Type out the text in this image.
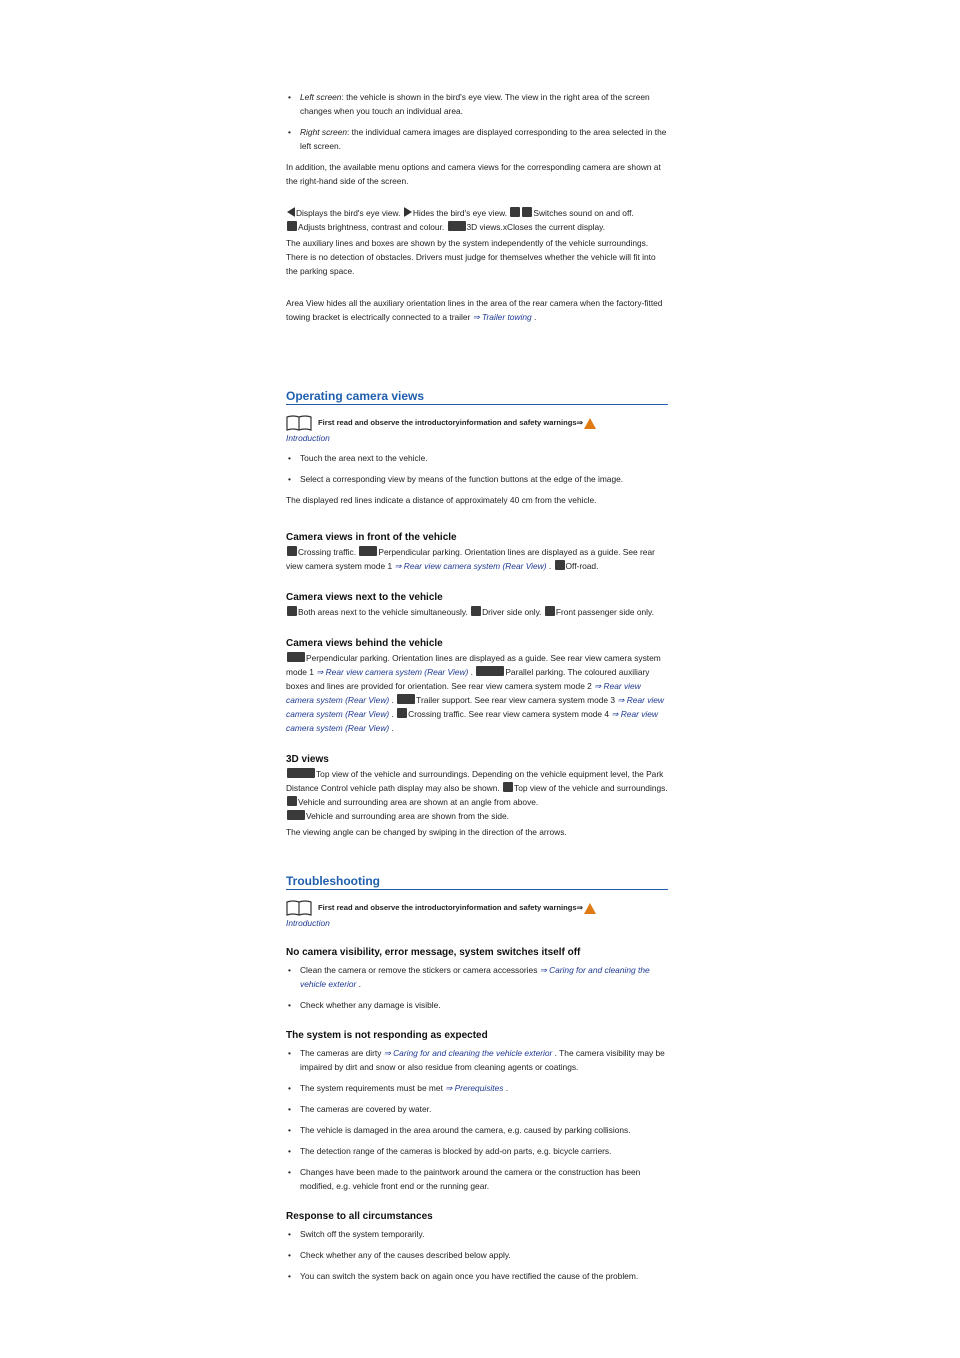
• Left screen: the vehicle is shown in the bird's eye view. The view in the right area of the screen changes when you touch an individual area.
• Right screen: the individual camera images are displayed corresponding to the area selected in the left screen.

In addition, the available menu options and camera views for the corresponding camera are shown at the right-hand side of the screen.

Displays the bird's eye view. Hides the bird's eye view.	Switches sound on and off.
Adjusts brightness, contrast and colour.	3D views.xCloses the current display.

The auxiliary lines and boxes are shown by the system independently of the vehicle surroundings. There is no detection of obstacles. Drivers must judge for themselves whether the vehicle will fit into the parking space.

Area View hides all the auxiliary orientation lines in the area of the rear camera when the factory-fitted towing bracket is electrically connected to a trailer ⇒ Trailer towing .

Operating camera views
First read and observe the introductoryinformation and safety warnings⇒
Introduction
• Touch the area next to the vehicle.
• Select a corresponding view by means of the function buttons at the edge of the image.

The displayed red lines indicate a distance of approximately 40 cm from the vehicle.

Camera views in front of the vehicle

Crossing traffic.	Perpendicular parking. Orientation lines are displayed as a guide. See rear view camera system mode 1 ⇒ Rear view camera system (Rear View) . Off-road.

Camera views next to the vehicle

Both areas next to the vehicle simultaneously. Driver side only. Front passenger side only.

Camera views behind the vehicle

Perpendicular parking. Orientation lines are displayed as a guide. See rear view camera system mode 1 ⇒ Rear view camera system (Rear View) .	Parallel parking. The coloured auxiliary boxes and lines are provided for orientation. See rear view camera system mode 2 ⇒ Rear view camera system (Rear View) .	Trailer support. See rear view camera system mode 3 ⇒ Rear view camera system (Rear View) . Crossing traffic. See rear view camera system mode 4 ⇒ Rear view camera system (Rear View) .

3D views

Top view of the vehicle and surroundings. Depending on the vehicle equipment level, the Park Distance Control vehicle path display may also be shown. Top view of the vehicle and surroundings. Vehicle and surrounding area are shown at an angle from above.
Vehicle and surrounding area are shown from the side.

The viewing angle can be changed by swiping in the direction of the arrows.

Troubleshooting
First read and observe the introductoryinformation and safety warnings⇒
Introduction
No camera visibility, error message, system switches itself off
• Clean the camera or remove the stickers or camera accessories ⇒ Caring for and cleaning the vehicle exterior .
• Check whether any damage is visible.
The system is not responding as expected
• The cameras are dirty ⇒ Caring for and cleaning the vehicle exterior . The camera visibility may be impaired by dirt and snow or also residue from cleaning agents or coatings.
• The system requirements must be met ⇒ Prerequisites .
• The cameras are covered by water.
• The vehicle is damaged in the area around the camera, e.g. caused by parking collisions.
• The detection range of the cameras is blocked by add-on parts, e.g. bicycle carriers.
• Changes have been made to the paintwork around the camera or the construction has been modified, e.g. vehicle front end or the running gear.
Response to all circumstances
• Switch off the system temporarily.
• Check whether any of the causes described below apply.
• You can switch the system back on again once you have rectified the cause of the problem.
